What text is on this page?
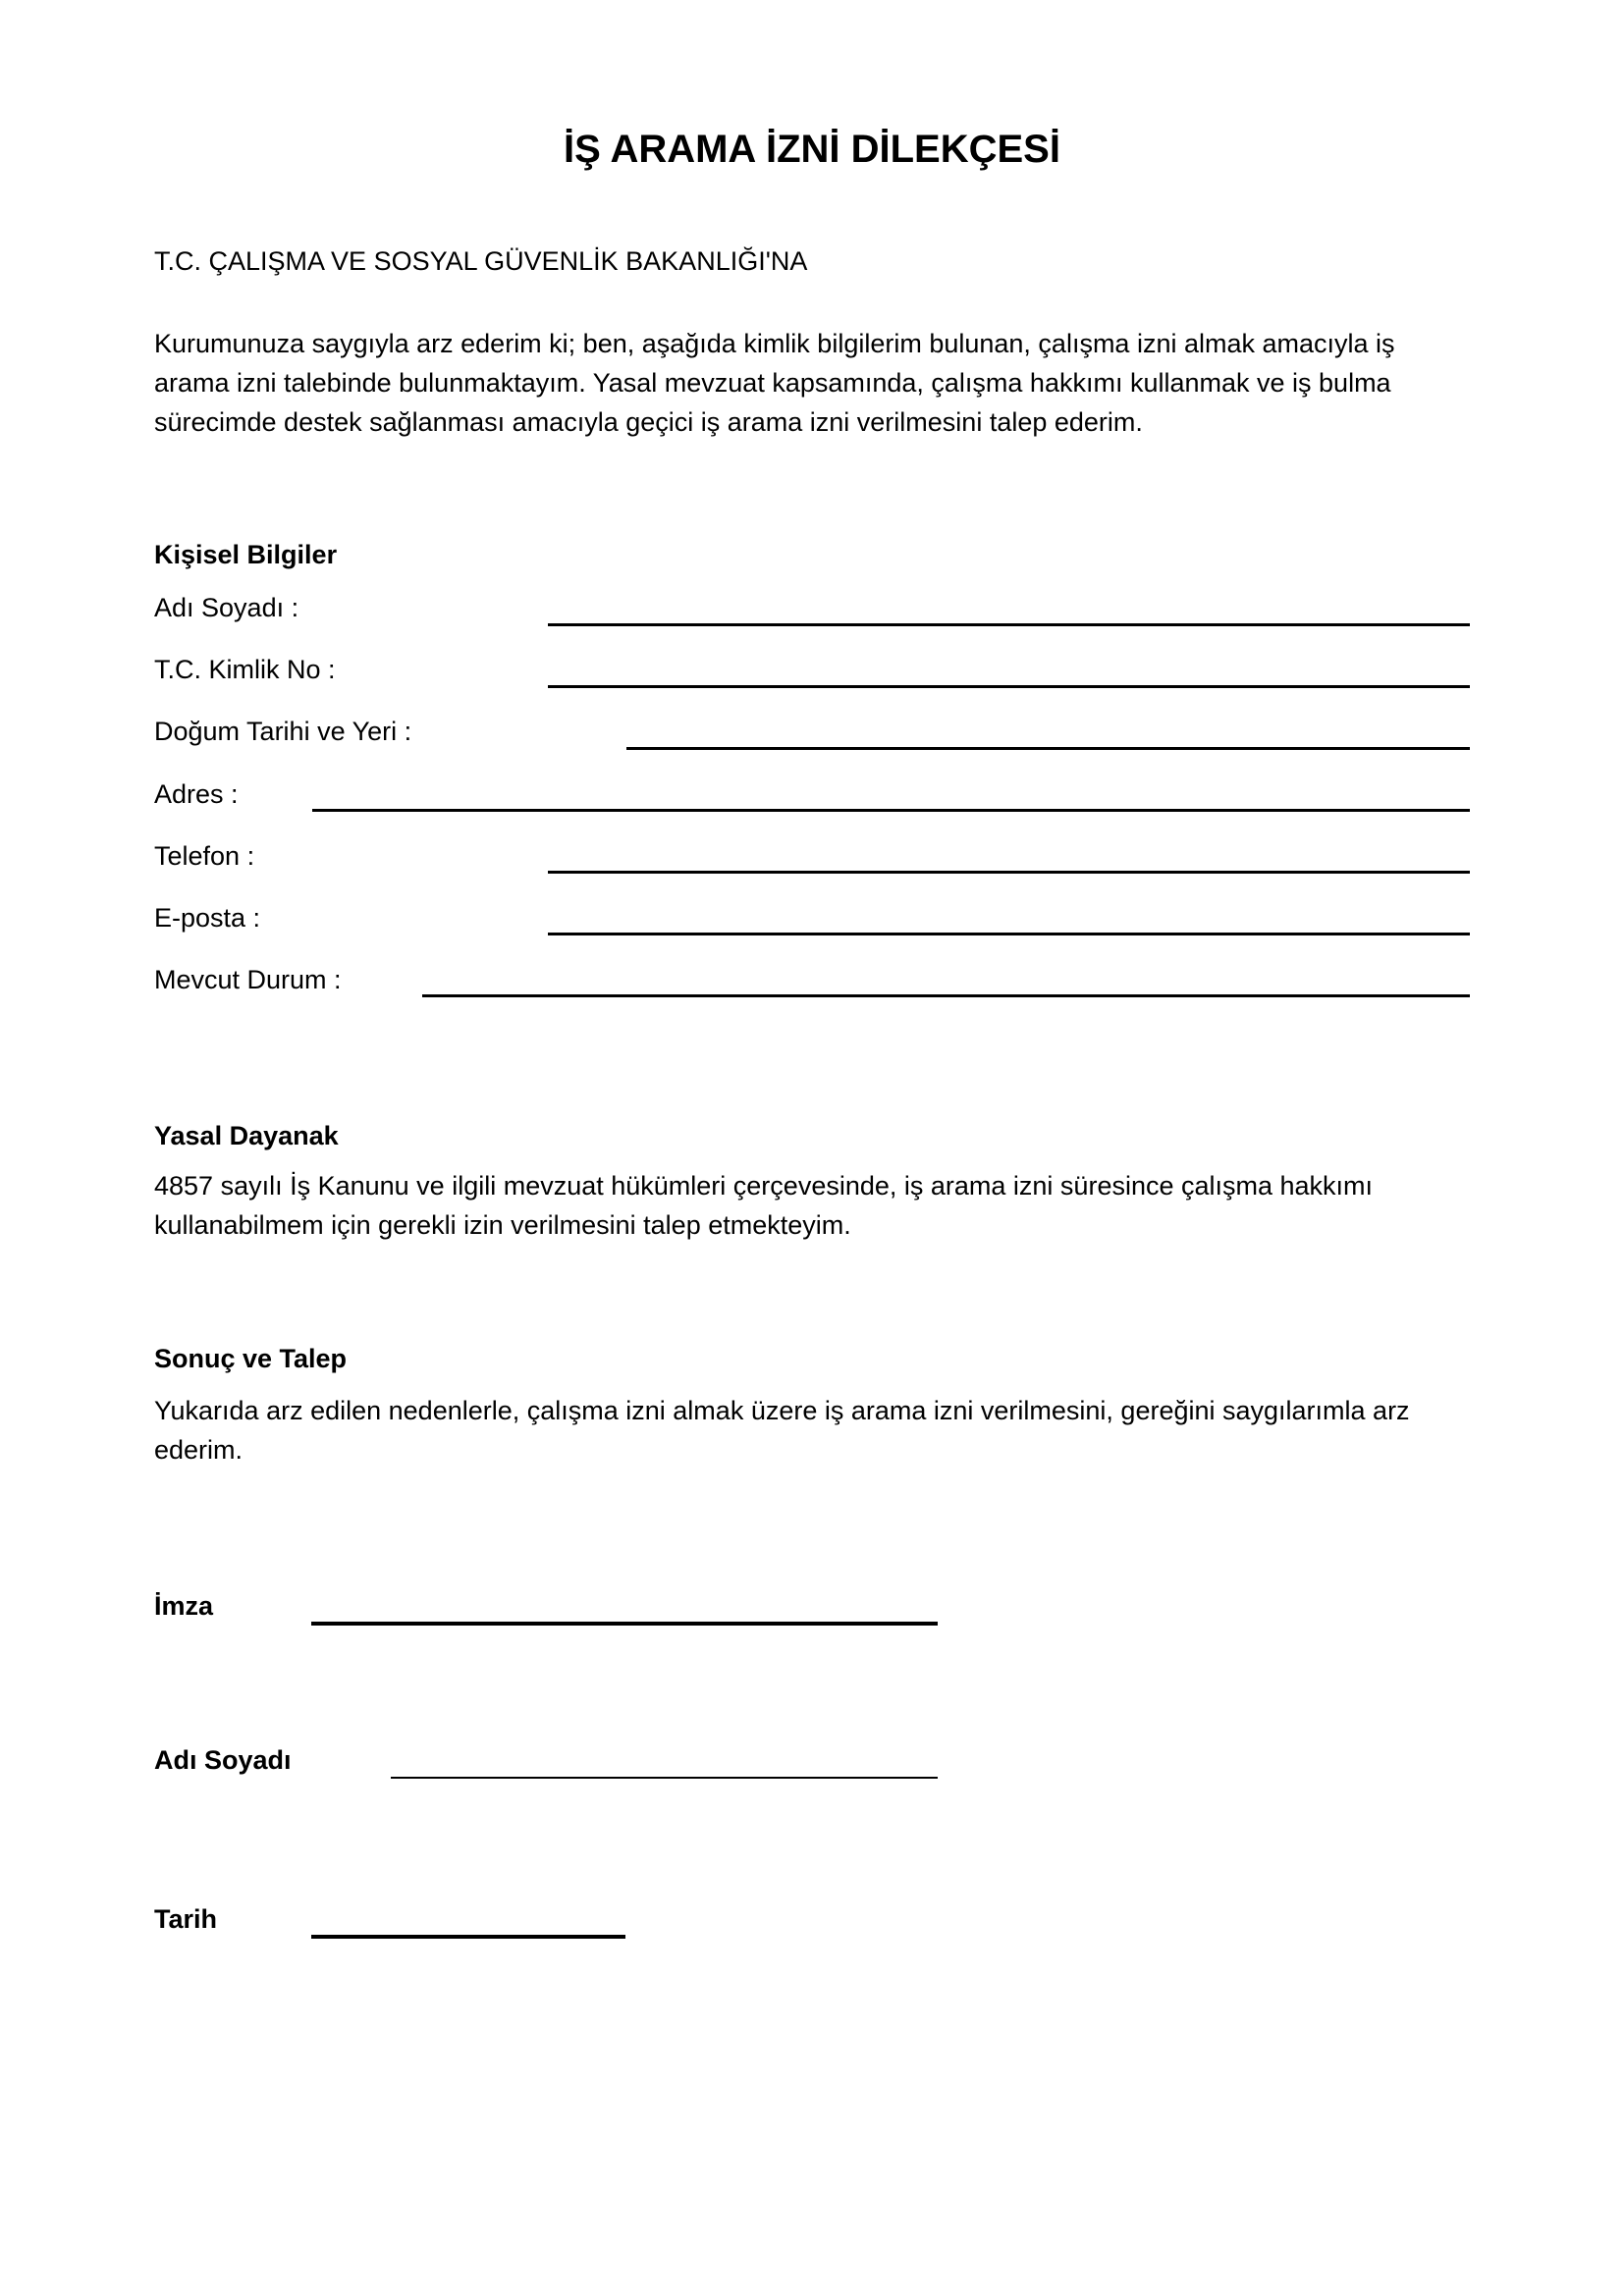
İŞ ARAMA İZNİ DİLEKÇESİ
T.C. ÇALIŞMA VE SOSYAL GÜVENLİK BAKANLIĞI'NA
Kurumunuza saygıyla arz ederim ki; ben, aşağıda kimlik bilgilerim bulunan, çalışma izni almak amacıyla iş
arama izni talebinde bulunmaktayım. Yasal mevzuat kapsamında, çalışma hakkımı kullanmak ve iş bulma
sürecimde destek sağlanması amacıyla geçici iş arama izni verilmesini talep ederim.
Kişisel Bilgiler
Adı Soyadı :
T.C. Kimlik No :
Doğum Tarihi ve Yeri :
Adres :
Telefon :
E-posta :
Mevcut Durum :
Yasal Dayanak
4857 sayılı İş Kanunu ve ilgili mevzuat hükümleri çerçevesinde, iş arama izni süresince çalışma hakkımı
kullanabilmem için gerekli izin verilmesini talep etmekteyim.
Sonuç ve Talep
Yukarıda arz edilen nedenlerle, çalışma izni almak üzere iş arama izni verilmesini, gereğini saygılarımla arz
ederim.
İmza
Adı Soyadı
Tarih
